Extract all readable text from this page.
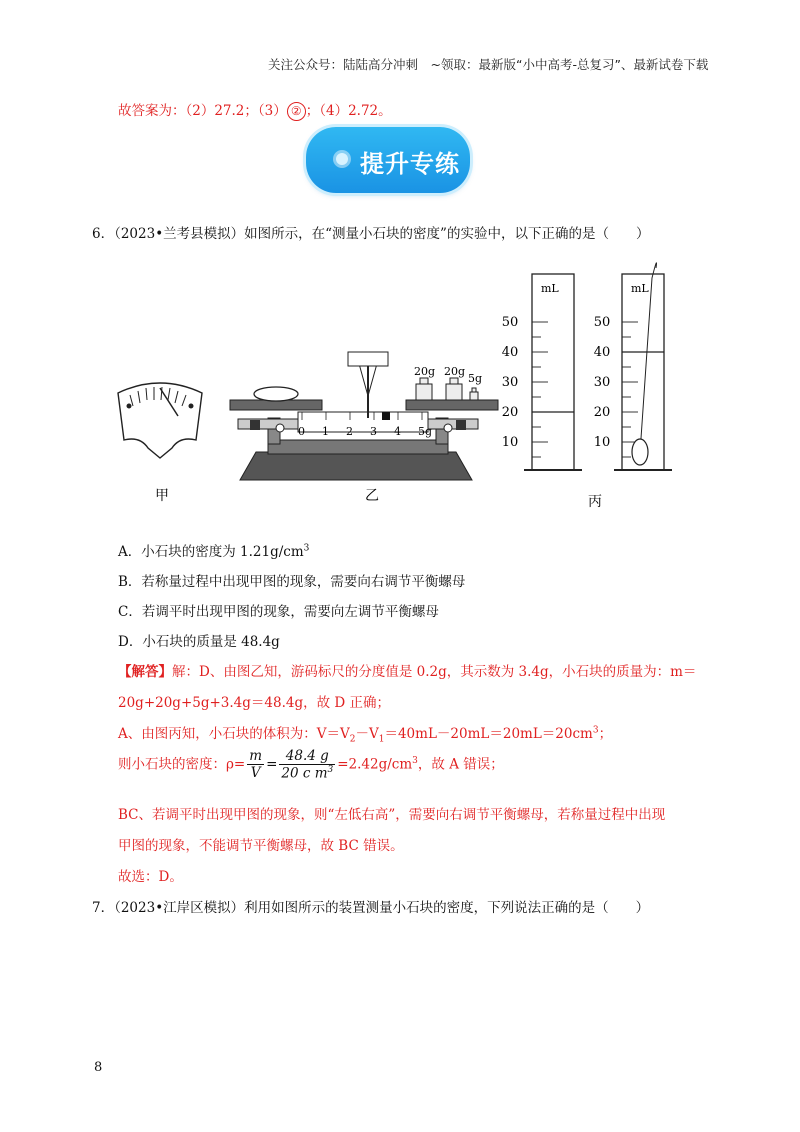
关注公众号：陆陆高分冲刺　~领取：最新版“小中高考-总复习”、最新试卷下载
故答案为：（2）27.2；（3） ② ；（4）2.72。
提升专练
6．（2023•兰考县模拟）如图所示，在“测量小石块的密度”的实验中，以下正确的是（　　）
甲
0 1 2 3 4 5g
20g 20g
5g
乙
mL
50
40
30
20
10
mL
50
40
30
20
10
丙
A．小石块的密度为 $1.21g/cm^3$
B．若称量过程中出现甲图的现象，需要向右调节平衡螺母
C．若调平时出现甲图的现象，需要向左调节平衡螺母
D．小石块的质量是 48.4g
【解答】解：D、由图乙知，游码标尺的分度值是 0.2g，其示数为 3.4g，小石块的质量为：m＝
20g+20g+5g+3.4g＝48.4g，故 D 正确；
A、由图丙知，小石块的体积为：$V=V_2-V_1=40mL-20mL=20mL=20cm^3$；
则小石块的密度：$\rho= \frac{m}{V} = \frac{48.4 g}{20 c m^3} =2.42g/cm^3$，故 A 错误；
BC、若调平时出现甲图的现象，则“左低右高”，需要向右调节平衡螺母，若称量过程中出现
甲图的现象，不能调节平衡螺母，故 BC 错误。
故选：D。
7．（2023•江岸区模拟）利用如图所示的装置测量小石块的密度，下列说法正确的是（　　）
8
